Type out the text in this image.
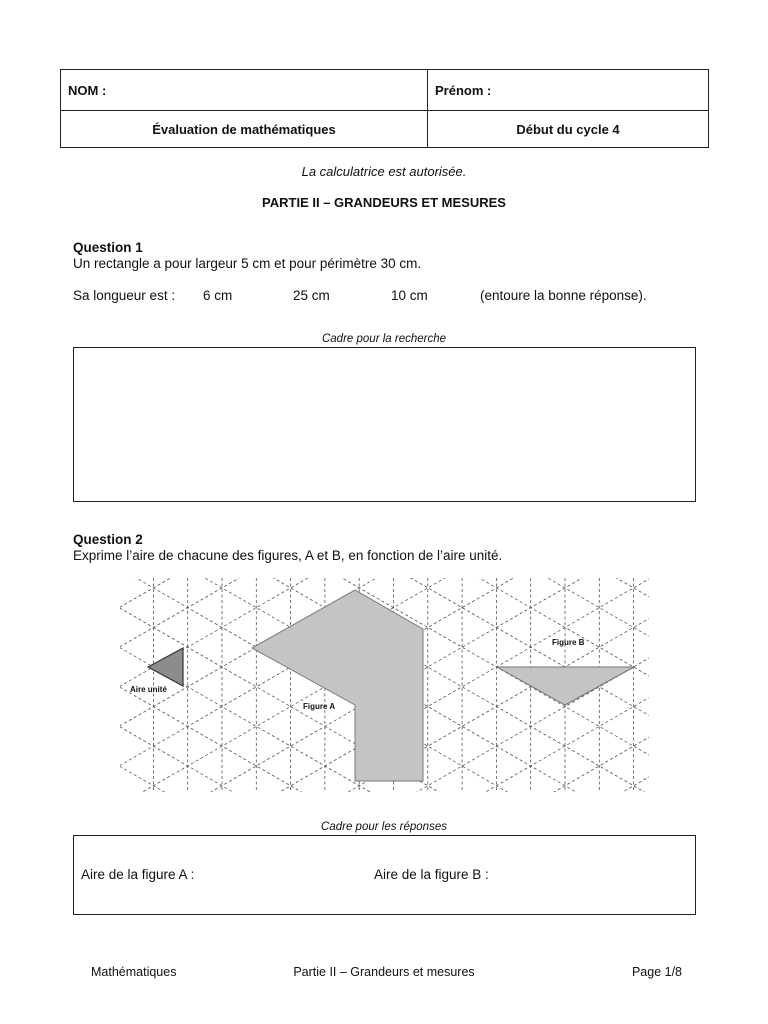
NOM :	Prénom :
Évaluation de mathématiques	Début du cycle 4
La calculatrice est autorisée.
PARTIE II – GRANDEURS ET MESURES
Question 1
Un rectangle a pour largeur 5 cm et pour périmètre 30 cm.
Sa longueur est : 6 cm	25 cm	10 cm	(entoure la bonne réponse).
Cadre pour la recherche
Question 2
Exprime l’aire de chacune des figures, A et B, en fonction de l’aire unité.
Aire unité
Figure A
Figure B
Cadre pour les réponses
Aire de la figure A :	Aire de la figure B :
Mathématiques	Partie II – Grandeurs et mesures	Page 1/8
